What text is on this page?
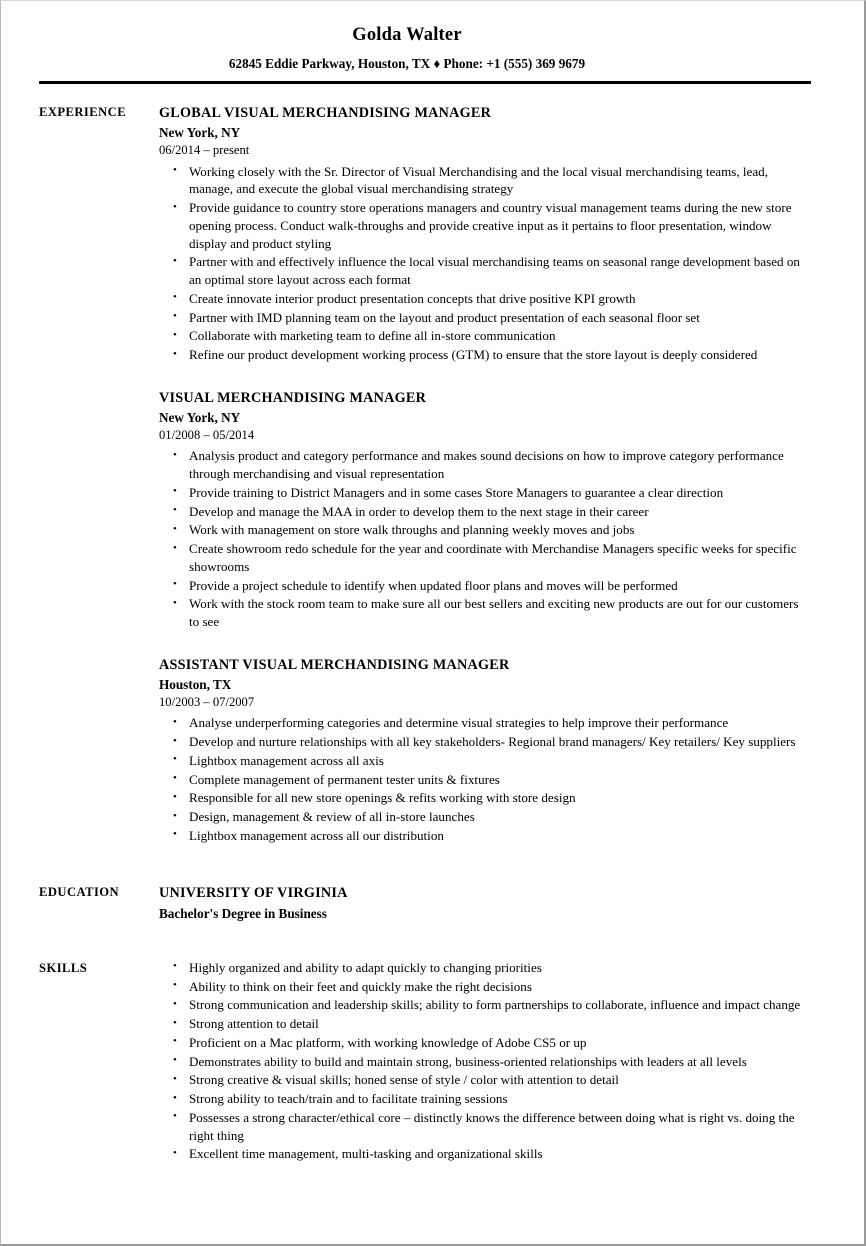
Golda Walter
62845 Eddie Parkway, Houston, TX ♦ Phone: +1 (555) 369 9679
EXPERIENCE	GLOBAL VISUAL MERCHANDISING MANAGER
New York, NY
06/2014 – present
• Working closely with the Sr. Director of Visual Merchandising and the local visual merchandising teams, lead, manage, and execute the global visual merchandising strategy
• Provide guidance to country store operations managers and country visual management teams during the new store opening process. Conduct walk-throughs and provide creative input as it pertains to floor presentation, window display and product styling
• Partner with and effectively influence the local visual merchandising teams on seasonal range development based on an optimal store layout across each format
• Create innovate interior product presentation concepts that drive positive KPI growth
• Partner with IMD planning team on the layout and product presentation of each seasonal floor set
• Collaborate with marketing team to define all in-store communication
• Refine our product development working process (GTM) to ensure that the store layout is deeply considered
VISUAL MERCHANDISING MANAGER
New York, NY
01/2008 – 05/2014
• Analysis product and category performance and makes sound decisions on how to improve category performance through merchandising and visual representation
• Provide training to District Managers and in some cases Store Managers to guarantee a clear direction
• Develop and manage the MAA in order to develop them to the next stage in their career
• Work with management on store walk throughs and planning weekly moves and jobs
• Create showroom redo schedule for the year and coordinate with Merchandise Managers specific weeks for specific showrooms
• Provide a project schedule to identify when updated floor plans and moves will be performed
• Work with the stock room team to make sure all our best sellers and exciting new products are out for our customers to see
ASSISTANT VISUAL MERCHANDISING MANAGER
Houston, TX
10/2003 – 07/2007
• Analyse underperforming categories and determine visual strategies to help improve their performance
• Develop and nurture relationships with all key stakeholders- Regional brand managers/ Key retailers/ Key suppliers
• Lightbox management across all axis
• Complete management of permanent tester units & fixtures
• Responsible for all new store openings & refits working with store design
• Design, management & review of all in-store launches
• Lightbox management across all our distribution
EDUCATION	UNIVERSITY OF VIRGINIA
Bachelor's Degree in Business
SKILLS	• Highly organized and ability to adapt quickly to changing priorities
• Ability to think on their feet and quickly make the right decisions
• Strong communication and leadership skills; ability to form partnerships to collaborate, influence and impact change
• Strong attention to detail
• Proficient on a Mac platform, with working knowledge of Adobe CS5 or up
• Demonstrates ability to build and maintain strong, business-oriented relationships with leaders at all levels
• Strong creative & visual skills; honed sense of style / color with attention to detail
• Strong ability to teach/train and to facilitate training sessions
• Possesses a strong character/ethical core – distinctly knows the difference between doing what is right vs. doing the right thing
• Excellent time management, multi-tasking and organizational skills
